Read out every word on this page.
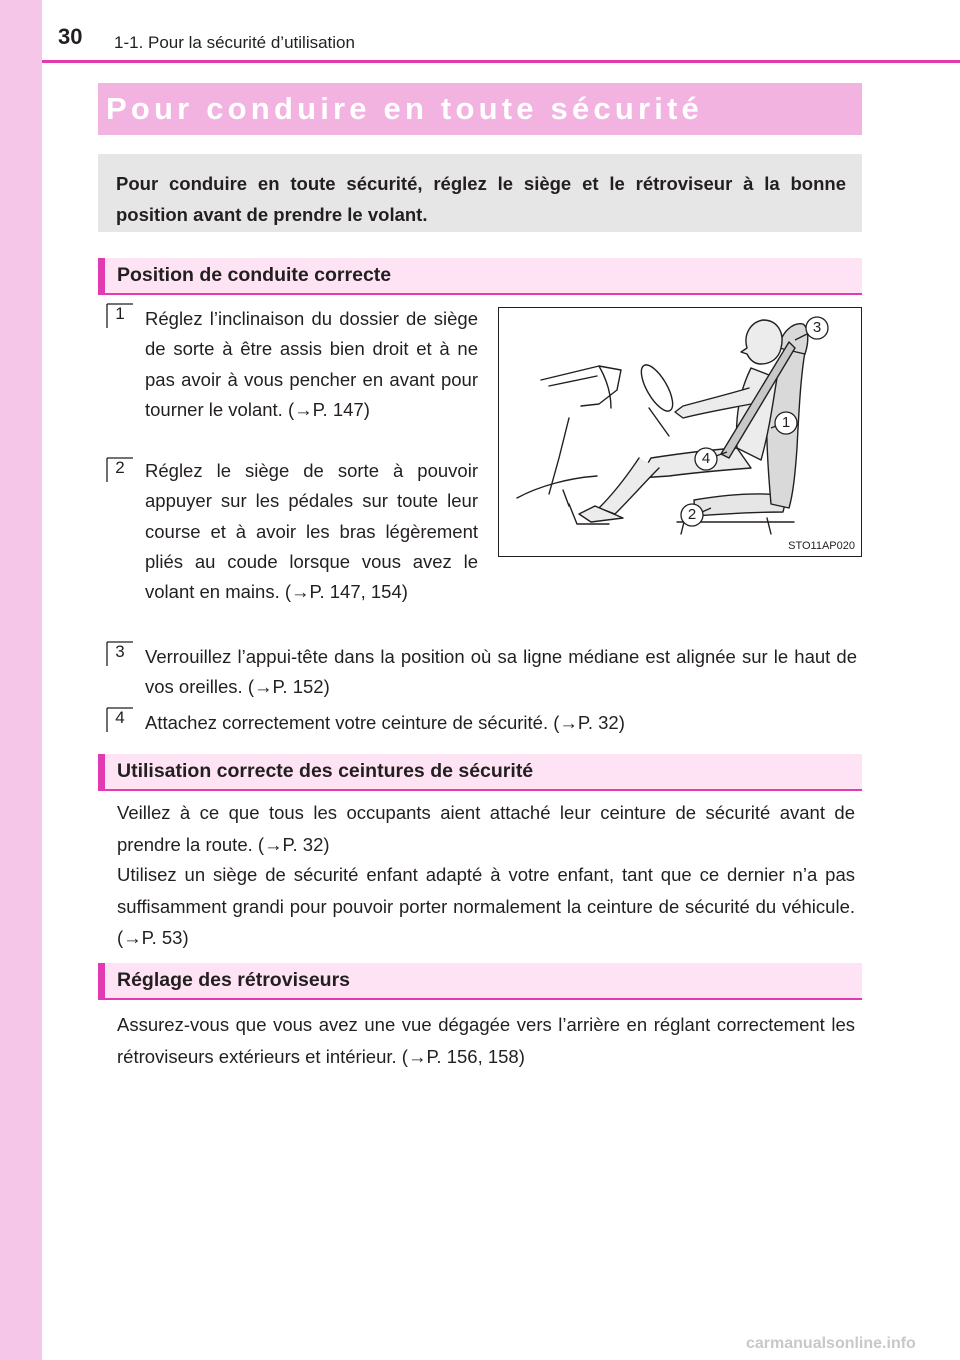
30 1-1. Pour la sécurité d’utilisation
Pour conduire en toute sécurité

Pour conduire en toute sécurité, réglez le siège et le rétroviseur à la bonne position avant de prendre le volant.

Position de conduite correcte
1	Réglez l’inclinaison du dossier de siège de sorte à être assis bien droit et à ne pas avoir à vous pencher en avant pour tourner le volant. (→P. 147)
2	Réglez le siège de sorte à pouvoir appuyer sur les pédales sur toute leur course et à avoir les bras légèrement pliés au coude lorsque vous avez le volant en mains. (→P. 147, 154)
3	Verrouillez l’appui-tête dans la position où sa ligne médiane est alignée sur le haut de vos oreilles. (→P. 152)
4	Attachez correctement votre ceinture de sécurité. (→P. 32)
3
1
4
2
STO11AP020
Utilisation correcte des ceintures de sécurité

Veillez à ce que tous les occupants aient attaché leur ceinture de sécurité avant de prendre la route. (→P. 32)

Utilisez un siège de sécurité enfant adapté à votre enfant, tant que ce dernier n’a pas suffisamment grandi pour pouvoir porter normalement la ceinture de sécurité du véhicule. (→P. 53)

Réglage des rétroviseurs

Assurez-vous que vous avez une vue dégagée vers l’arrière en réglant correctement les rétroviseurs extérieurs et intérieur. (→P. 156, 158)

carmanualsonline.info
